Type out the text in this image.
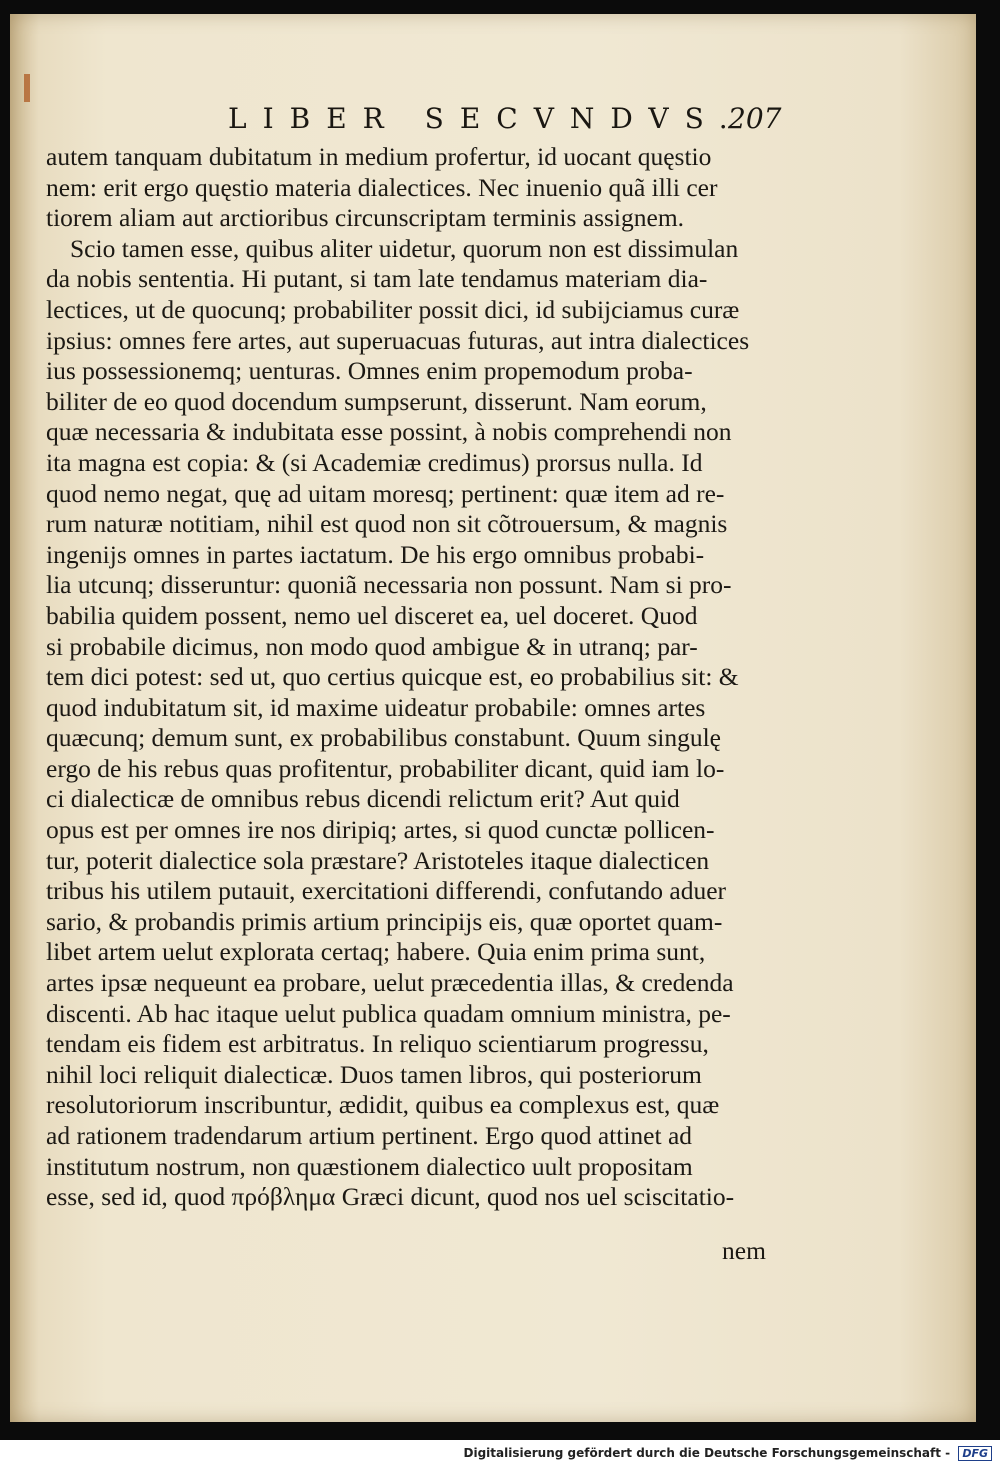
LIBER SECVNDVS.
207
autem tanquam dubitatum in medium profertur, id uocant quęstio
nem: erit ergo quęstio materia dialectices. Nec inuenio quã illi cer
tiorem aliam aut arctioribus circunscriptam terminis assignem.
Scio tamen esse, quibus aliter uidetur, quorum non est dissimulan
da nobis sententia. Hi putant, si tam late tendamus materiam dia-
lectices, ut de quocunq; probabiliter possit dici, id subijciamus curæ
ipsius: omnes fere artes, aut superuacuas futuras, aut intra dialectices
ius possessionemq; uenturas. Omnes enim propemodum proba-
biliter de eo quod docendum sumpserunt, disserunt. Nam eorum,
quæ necessaria & indubitata esse possint, à nobis comprehendi non
ita magna est copia: & (si Academiæ credimus) prorsus nulla. Id
quod nemo negat, quę ad uitam moresq; pertinent: quæ item ad re-
rum naturæ notitiam, nihil est quod non sit cõtrouersum, & magnis
ingenijs omnes in partes iactatum. De his ergo omnibus probabi-
lia utcunq; disseruntur: quoniã necessaria non possunt. Nam si pro-
babilia quidem possent, nemo uel disceret ea, uel doceret. Quod
si probabile dicimus, non modo quod ambigue & in utranq; par-
tem dici potest: sed ut, quo certius quicque est, eo probabilius sit: &
quod indubitatum sit, id maxime uideatur probabile: omnes artes
quæcunq; demum sunt, ex probabilibus constabunt. Quum singulę
ergo de his rebus quas profitentur, probabiliter dicant, quid iam lo-
ci dialecticæ de omnibus rebus dicendi relictum erit? Aut quid
opus est per omnes ire nos diripiq; artes, si quod cunctæ pollicen-
tur, poterit dialectice sola præstare? Aristoteles itaque dialecticen
tribus his utilem putauit, exercitationi differendi, confutando aduer
sario, & probandis primis artium principijs eis, quæ oportet quam-
libet artem uelut explorata certaq; habere. Quia enim prima sunt,
artes ipsæ nequeunt ea probare, uelut præcedentia illas, & credenda
discenti. Ab hac itaque uelut publica quadam omnium ministra, pe-
tendam eis fidem est arbitratus. In reliquo scientiarum progressu,
nihil loci reliquit dialecticæ. Duos tamen libros, qui posteriorum
resolutoriorum inscribuntur, ædidit, quibus ea complexus est, quæ
ad rationem tradendarum artium pertinent. Ergo quod attinet ad
institutum nostrum, non quæstionem dialectico uult propositam
esse, sed id, quod πρόβλημα Græci dicunt, quod nos uel sciscitatio-
nem
Digitalisierung gefördert durch die Deutsche Forschungsgemeinschaft - DFG
